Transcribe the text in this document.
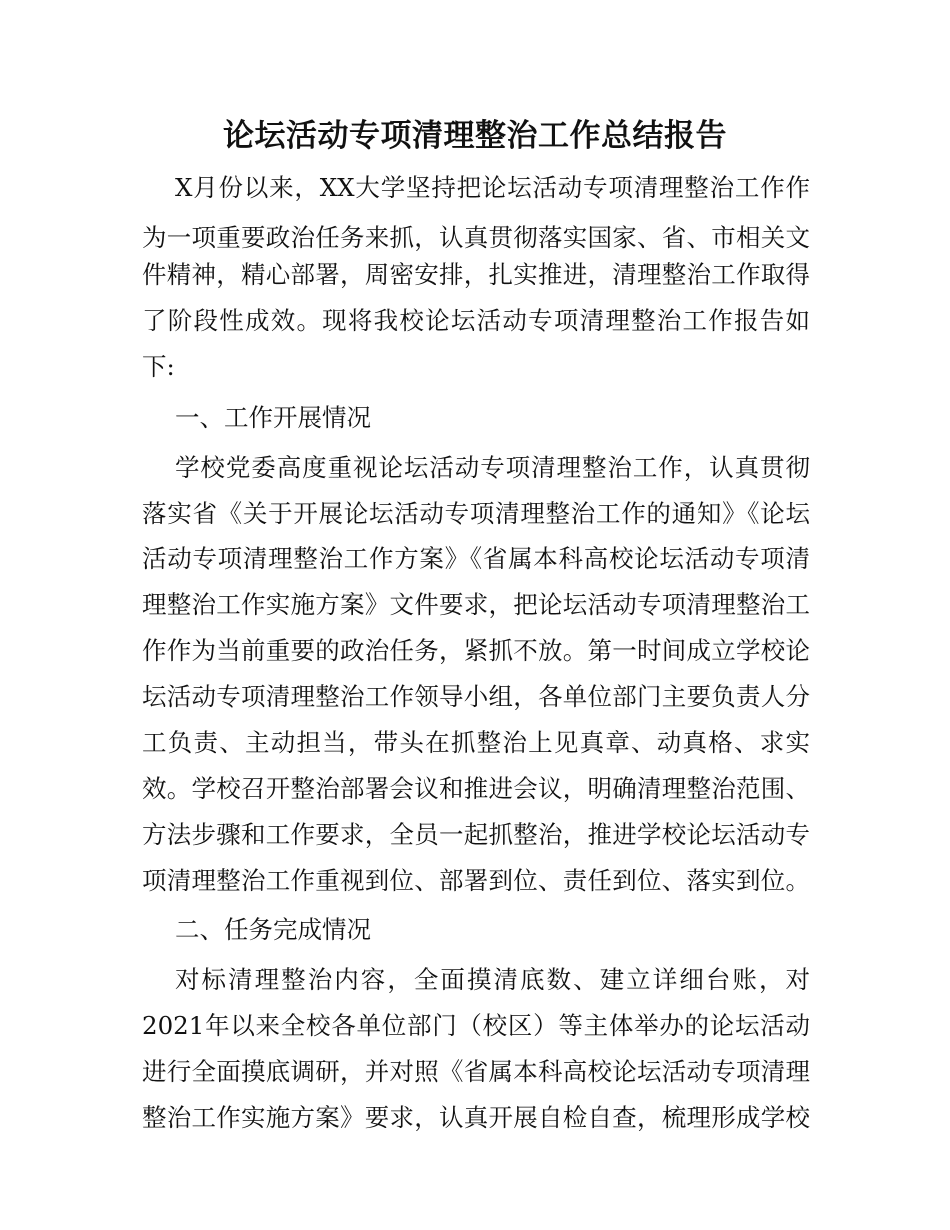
论坛活动专项清理整治工作总结报告

X月份以来，XX大学坚持把论坛活动专项清理整治工作作

为一项重要政治任务来抓，认真贯彻落实国家、省、市相关文

件精神，精心部署，周密安排，扎实推进，清理整治工作取得

了阶段性成效。现将我校论坛活动专项清理整治工作报告如

下:

一、工作开展情况

学校党委高度重视论坛活动专项清理整治工作，认真贯彻

落实省《关于开展论坛活动专项清理整治工作的通知》《论坛

活动专项清理整治工作方案》《省属本科高校论坛活动专项清

理整治工作实施方案》文件要求，把论坛活动专项清理整治工

作作为当前重要的政治任务，紧抓不放。第一时间成立学校论

坛活动专项清理整治工作领导小组，各单位部门主要负责人分

工负责、主动担当，带头在抓整治上见真章、动真格、求实

效。学校召开整治部署会议和推进会议，明确清理整治范围、

方法步骤和工作要求，全员一起抓整治，推进学校论坛活动专

项清理整治工作重视到位、部署到位、责任到位、落实到位。

二、任务完成情况

对标清理整治内容，全面摸清底数、建立详细台账，对

2021年以来全校各单位部门（校区）等主体举办的论坛活动

进行全面摸底调研，并对照《省属本科高校论坛活动专项清理

整治工作实施方案》要求，认真开展自检自查，梳理形成学校
